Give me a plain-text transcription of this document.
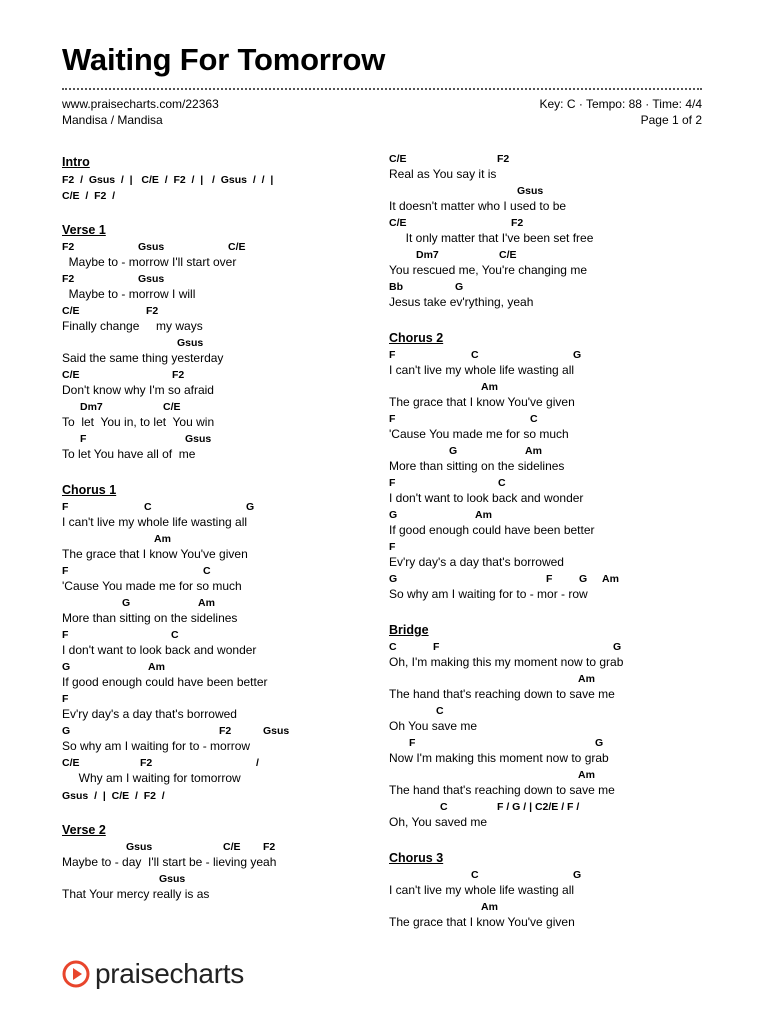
Waiting For Tomorrow
www.praisecharts.com/22363
Mandisa / Mandisa
Key: C · Tempo: 88 · Time: 4/4
Page 1 of 2
Intro
F2  /  Gsus  /  |   C/E  /  F2  /  |   /  Gsus  /  /  |
C/E  /  F2  /
Verse 1
F2	Gsus	C/E
Maybe to - morrow I'll start over
F2	Gsus
Maybe to - morrow I will
C/E	F2
Finally change     my ways
Gsus
Said the same thing yesterday
C/E	F2
Don't know why I'm so afraid
Dm7	C/E
To  let  You in, to let  You win
F	Gsus
To let You have all of  me
Chorus 1
F	C	G
I can't live my whole life wasting all
Am
The grace that I know You've given
F	C
'Cause You made me for so much
G	Am
More than sitting on the sidelines
F	C
I don't want to look back and wonder
G	Am
If good enough could have been better
F
Ev'ry day's a day that's borrowed
G	F2	Gsus
So why am I waiting for to - morrow
C/E	F2	/
Why am I waiting for tomorrow
Gsus  /  |  C/E  /  F2  /
Verse 2
Gsus	C/E F2
Maybe to - day  I'll start be - lieving yeah
Gsus
That Your mercy really is as
C/E	F2
Real as You say it is
Gsus
It doesn't matter who I used to be
C/E	F2
It only matter that I've been set free
Dm7	C/E
You rescued me, You're changing me
Bb	G
Jesus take ev'rything, yeah
Chorus 2
F	C	G
I can't live my whole life wasting all
Am
The grace that I know You've given
F	C
'Cause You made me for so much
G	Am
More than sitting on the sidelines
F	C
I don't want to look back and wonder
G	Am
If good enough could have been better
F
Ev'ry day's a day that's borrowed
G	F	G Am
So why am I waiting for to - mor - row
Bridge
C	F	G
Oh, I'm making this my moment now to grab
Am
The hand that's reaching down to save me
C
Oh You save me
F	G
Now I'm making this moment now to grab
Am
The hand that's reaching down to save me
C	F / G / | C2/E / F /
Oh, You saved me
Chorus 3
C	G
I can't live my whole life wasting all
Am
The grace that I know You've given
praisecharts
